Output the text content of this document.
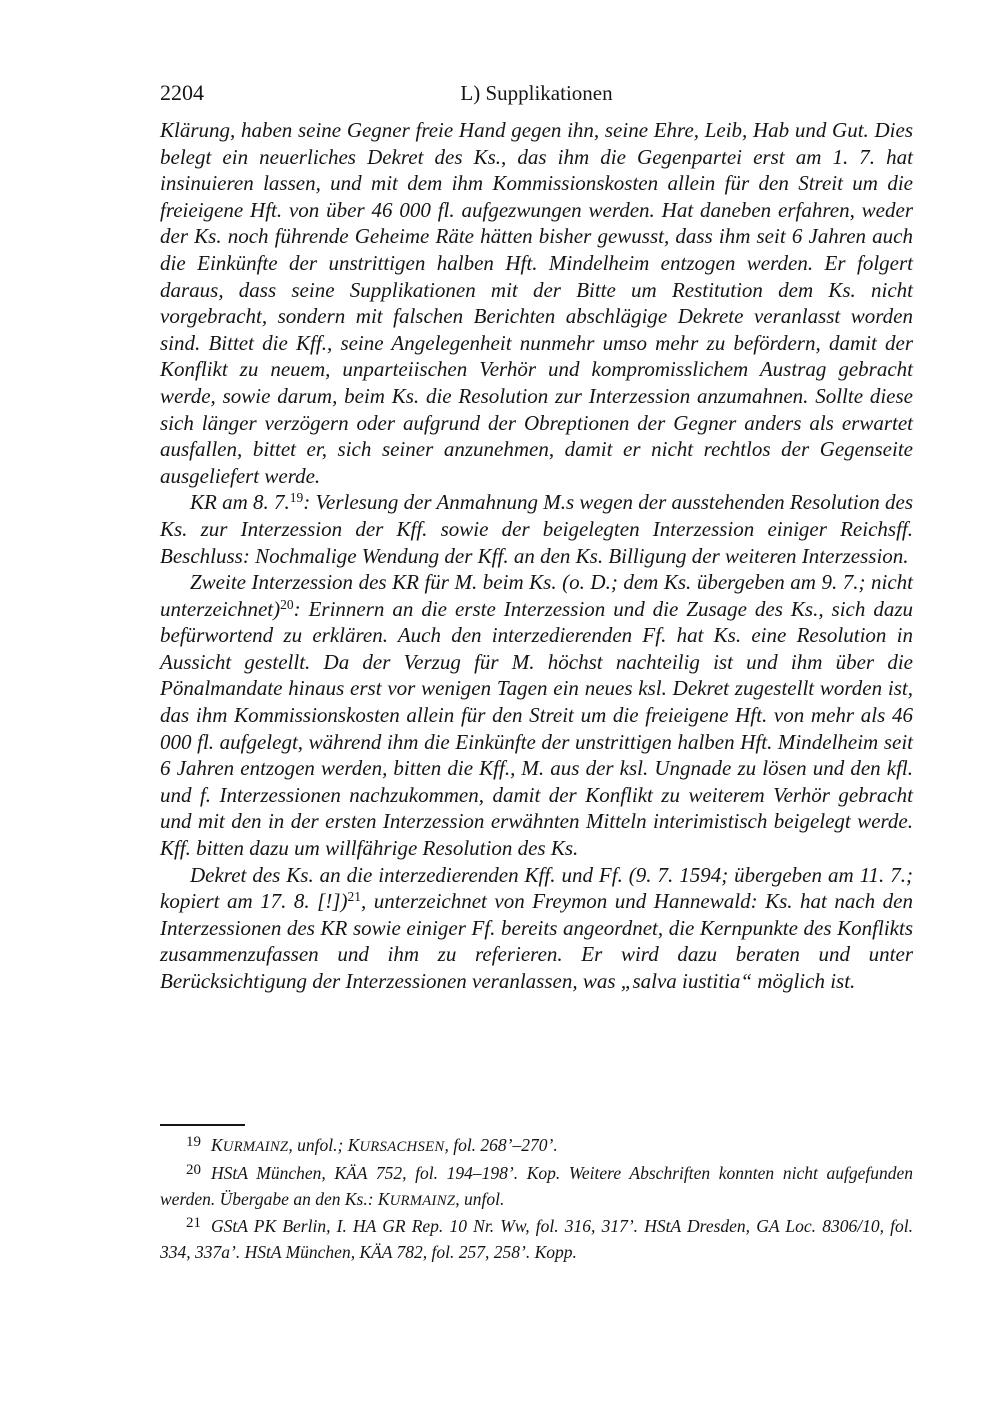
2204	L) Supplikationen

Klärung, haben seine Gegner freie Hand gegen ihn, seine Ehre, Leib, Hab und Gut. Dies belegt ein neuerliches Dekret des Ks., das ihm die Gegenpartei erst am 1. 7. hat insinuieren lassen, und mit dem ihm Kommissionskosten allein für den Streit um die freieigene Hft. von über 46 000 fl. aufgezwungen werden. Hat daneben erfahren, weder der Ks. noch führende Geheime Räte hätten bisher gewusst, dass ihm seit 6 Jahren auch die Einkünfte der unstrittigen halben Hft. Mindelheim entzogen werden. Er folgert daraus, dass seine Supplikationen mit der Bitte um Restitution dem Ks. nicht vorgebracht, sondern mit falschen Berichten abschlägige Dekrete veranlasst worden sind. Bittet die Kff., seine Angelegenheit nunmehr umso mehr zu befördern, damit der Konflikt zu neuem, unparteiischen Verhör und kompromisslichem Austrag gebracht werde, sowie darum, beim Ks. die Resolution zur Interzession anzumahnen. Sollte diese sich länger verzögern oder aufgrund der Obreptionen der Gegner anders als erwartet ausfallen, bittet er, sich seiner anzunehmen, damit er nicht rechtlos der Gegenseite ausgeliefert werde.

KR am 8. 7.19: Verlesung der Anmahnung M.s wegen der ausstehenden Resolution des Ks. zur Interzession der Kff. sowie der beigelegten Interzession einiger Reichsff. Beschluss: Nochmalige Wendung der Kff. an den Ks. Billigung der weiteren Interzession.

Zweite Interzession des KR für M. beim Ks. (o. D.; dem Ks. übergeben am 9. 7.; nicht unterzeichnet)$^{20}$: Erinnern an die erste Interzession und die Zusage des Ks., sich dazu befürwortend zu erklären. Auch den interzedierenden Ff. hat Ks. eine Resolution in Aussicht gestellt. Da der Verzug für M. höchst nachteilig ist und ihm über die Pönalmandate hinaus erst vor wenigen Tagen ein neues ksl. Dekret zugestellt worden ist, das ihm Kommissionskosten allein für den Streit um die freieigene Hft. von mehr als 46 000 fl. aufgelegt, während ihm die Einkünfte der unstrittigen halben Hft. Mindelheim seit 6 Jahren entzogen werden, bitten die Kff., M. aus der ksl. Ungnade zu lösen und den kfl. und f. Interzessionen nachzukommen, damit der Konflikt zu weiterem Verhör gebracht und mit den in der ersten Interzession erwähnten Mitteln interimistisch beigelegt werde. Kff. bitten dazu um willfährige Resolution des Ks.

Dekret des Ks. an die interzedierenden Kff. und Ff. (9. 7. 1594; übergeben am 11. 7.; kopiert am 17. 8. [!])$^{21}$, unterzeichnet von Freymon und Hannewald: Ks. hat nach den Interzessionen des KR sowie einiger Ff. bereits angeordnet, die Kernpunkte des Konflikts zusammenzufassen und ihm zu referieren. Er wird dazu beraten und unter Berücksichtigung der Interzessionen veranlassen, was „salva iustitia“ möglich ist.

19 KURMAINZ, unfol.; KURSACHSEN, fol. 268’–270’.

20 HStA München, KÄA 752, fol. 194–198’. Kop. Weitere Abschriften konnten nicht aufgefunden werden. Übergabe an den Ks.: KURMAINZ, unfol.

21 GStA PK Berlin, I. HA GR Rep. 10 Nr. Ww, fol. 316, 317’. HStA Dresden, GA Loc. 8306/10, fol. 334, 337a’. HStA München, KÄA 782, fol. 257, 258’. Kopp.
